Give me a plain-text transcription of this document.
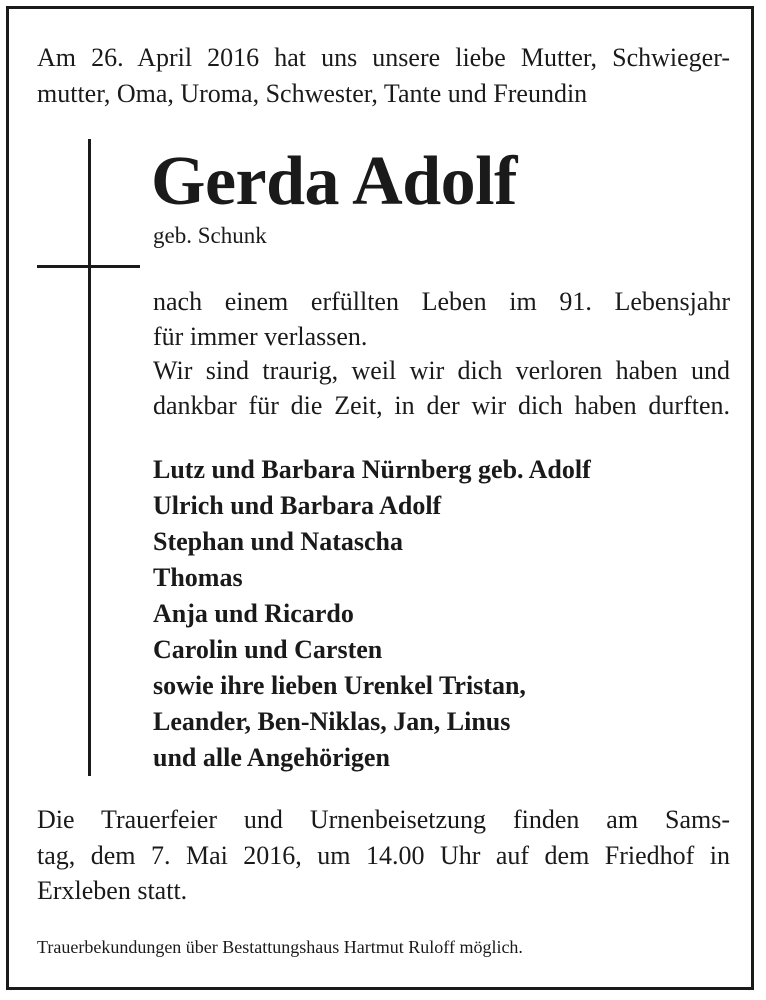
Am 26. April 2016 hat uns unsere liebe Mutter, Schwieger-
mutter, Oma, Uroma, Schwester, Tante und Freundin
Gerda Adolf
geb. Schunk
nach einem erfüllten Leben im 91. Lebensjahr
für immer verlassen.
Wir sind traurig, weil wir dich verloren haben und
dankbar für die Zeit, in der wir dich haben durften.
Lutz und Barbara Nürnberg geb. Adolf
Ulrich und Barbara Adolf
Stephan und Natascha
Thomas
Anja und Ricardo
Carolin und Carsten
sowie ihre lieben Urenkel Tristan,
Leander, Ben-Niklas, Jan, Linus
und alle Angehörigen
Die Trauerfeier und Urnenbeisetzung finden am Sams-
tag, dem 7. Mai 2016, um 14.00 Uhr auf dem Friedhof in
Erxleben statt.
Trauerbekundungen über Bestattungshaus Hartmut Ruloff möglich.
